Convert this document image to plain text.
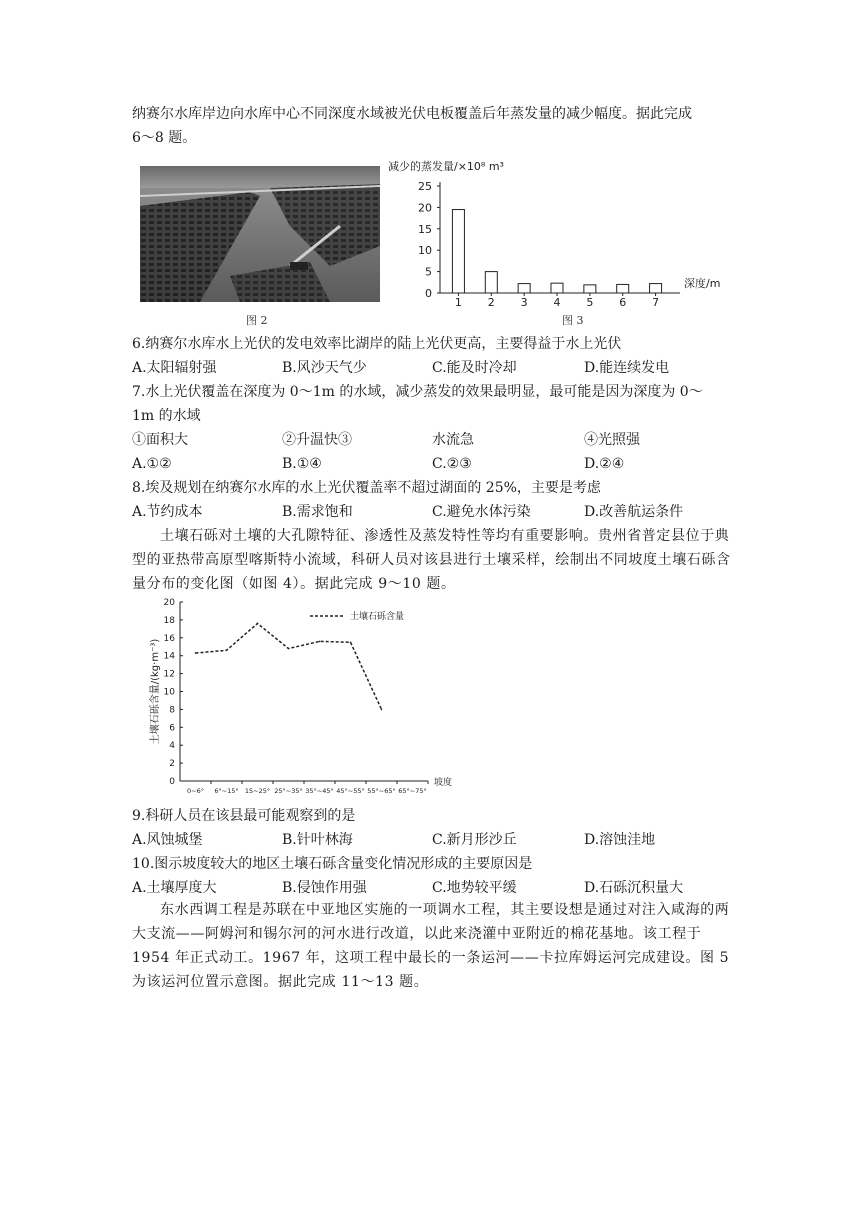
纳赛尔水库岸边向水库中心不同深度水域被光伏电板覆盖后年蒸发量的减少幅度。据此完成
6～8 题。
图 2
减少的蒸发量/×10⁸ m³
0
5
10
15
20
25
1 2 3 4 5 6 7
深度/m
图 3
6.纳赛尔水库水上光伏的发电效率比湖岸的陆上光伏更高，主要得益于水上光伏
A.太阳辐射强	B.风沙天气少	C.能及时冷却	D.能连续发电
7.水上光伏覆盖在深度为 0～1m 的水域，减少蒸发的效果最明显，最可能是因为深度为 0～
1m 的水域
①面积大	②升温快③	水流急	④光照强
A.①②	B.①④	C.②③	D.②④
8.埃及规划在纳赛尔水库的水上光伏覆盖率不超过湖面的 25%，主要是考虑
A.节约成本	B.需求饱和	C.避免水体污染	D.改善航运条件
土壤石砾对土壤的大孔隙特征、渗透性及蒸发特性等均有重要影响。贵州省普定县位于典型的亚热带高原型喀斯特小流域，科研人员对该县进行土壤采样，绘制出不同坡度土壤石砾含量分布的变化图（如图 4）。据此完成 9～10 题。
0
2
4
6
8
10
12
14
16
18
20
0~6° 6°~15° 15~25° 25°~35° 35°~45° 45°~55° 55°~65° 65°~75°
坡度
土壤石砾含量/(kg·m⁻³)
土壤石砾含量
9.科研人员在该县最可能观察到的是
A.风蚀城堡	B.针叶林海	C.新月形沙丘	D.溶蚀洼地
10.图示坡度较大的地区土壤石砾含量变化情况形成的主要原因是
A.土壤厚度大	B.侵蚀作用强	C.地势较平缓	D.石砾沉积量大
东水西调工程是苏联在中亚地区实施的一项调水工程，其主要设想是通过对注入咸海的两大支流——阿姆河和锡尔河的河水进行改道，以此来浇灌中亚附近的棉花基地。该工程于 1954 年正式动工。1967 年，这项工程中最长的一条运河——卡拉库姆运河完成建设。图 5 为该运河位置示意图。据此完成 11～13 题。
